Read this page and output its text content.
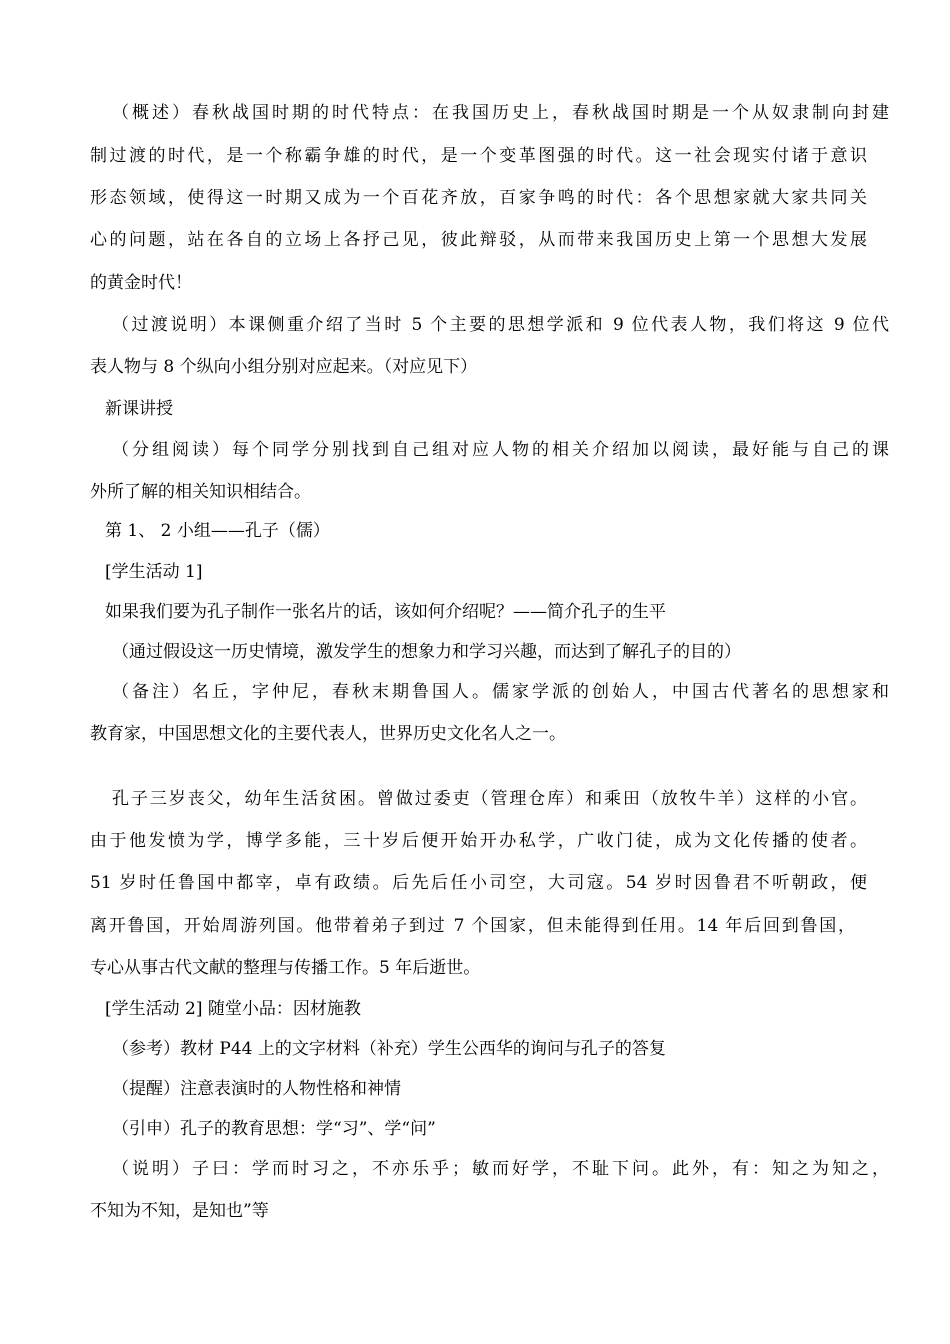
（概述）春秋战国时期的时代特点：在我国历史上，春秋战国时期是一个从奴隶制向封建
制过渡的时代，是一个称霸争雄的时代，是一个变革图强的时代。这一社会现实付诸于意识
形态领域，使得这一时期又成为一个百花齐放，百家争鸣的时代：各个思想家就大家共同关
心的问题，站在各自的立场上各抒己见，彼此辩驳，从而带来我国历史上第一个思想大发展
的黄金时代！
（过渡说明）本课侧重介绍了当时 5 个主要的思想学派和 9 位代表人物，我们将这 9 位代
表人物与 8 个纵向小组分别对应起来。（对应见下）
新课讲授
（分组阅读）每个同学分别找到自己组对应人物的相关介绍加以阅读，最好能与自己的课
外所了解的相关知识相结合。
第 1、 2 小组——孔子（儒）
[学生活动 1]
如果我们要为孔子制作一张名片的话，该如何介绍呢？——简介孔子的生平
（通过假设这一历史情境，激发学生的想象力和学习兴趣，而达到了解孔子的目的）
（备注）名丘，字仲尼，春秋末期鲁国人。儒家学派的创始人，中国古代著名的思想家和
教育家，中国思想文化的主要代表人，世界历史文化名人之一。
孔子三岁丧父，幼年生活贫困。曾做过委吏（管理仓库）和乘田（放牧牛羊）这样的小官。
由于他发愤为学，博学多能，三十岁后便开始开办私学，广收门徒，成为文化传播的使者。
51 岁时任鲁国中都宰，卓有政绩。后先后任小司空，大司寇。54 岁时因鲁君不听朝政，便
离开鲁国，开始周游列国。他带着弟子到过 7 个国家，但未能得到任用。14 年后回到鲁国，
专心从事古代文献的整理与传播工作。5 年后逝世。
[学生活动 2] 随堂小品：因材施教
（参考）教材 P44 上的文字材料（补充）学生公西华的询问与孔子的答复
（提醒）注意表演时的人物性格和神情
（引申）孔子的教育思想：学“习”、学“问”
（说明）子曰：学而时习之，不亦乐乎；敏而好学，不耻下问。此外，有：知之为知之，
不知为不知，是知也”等
